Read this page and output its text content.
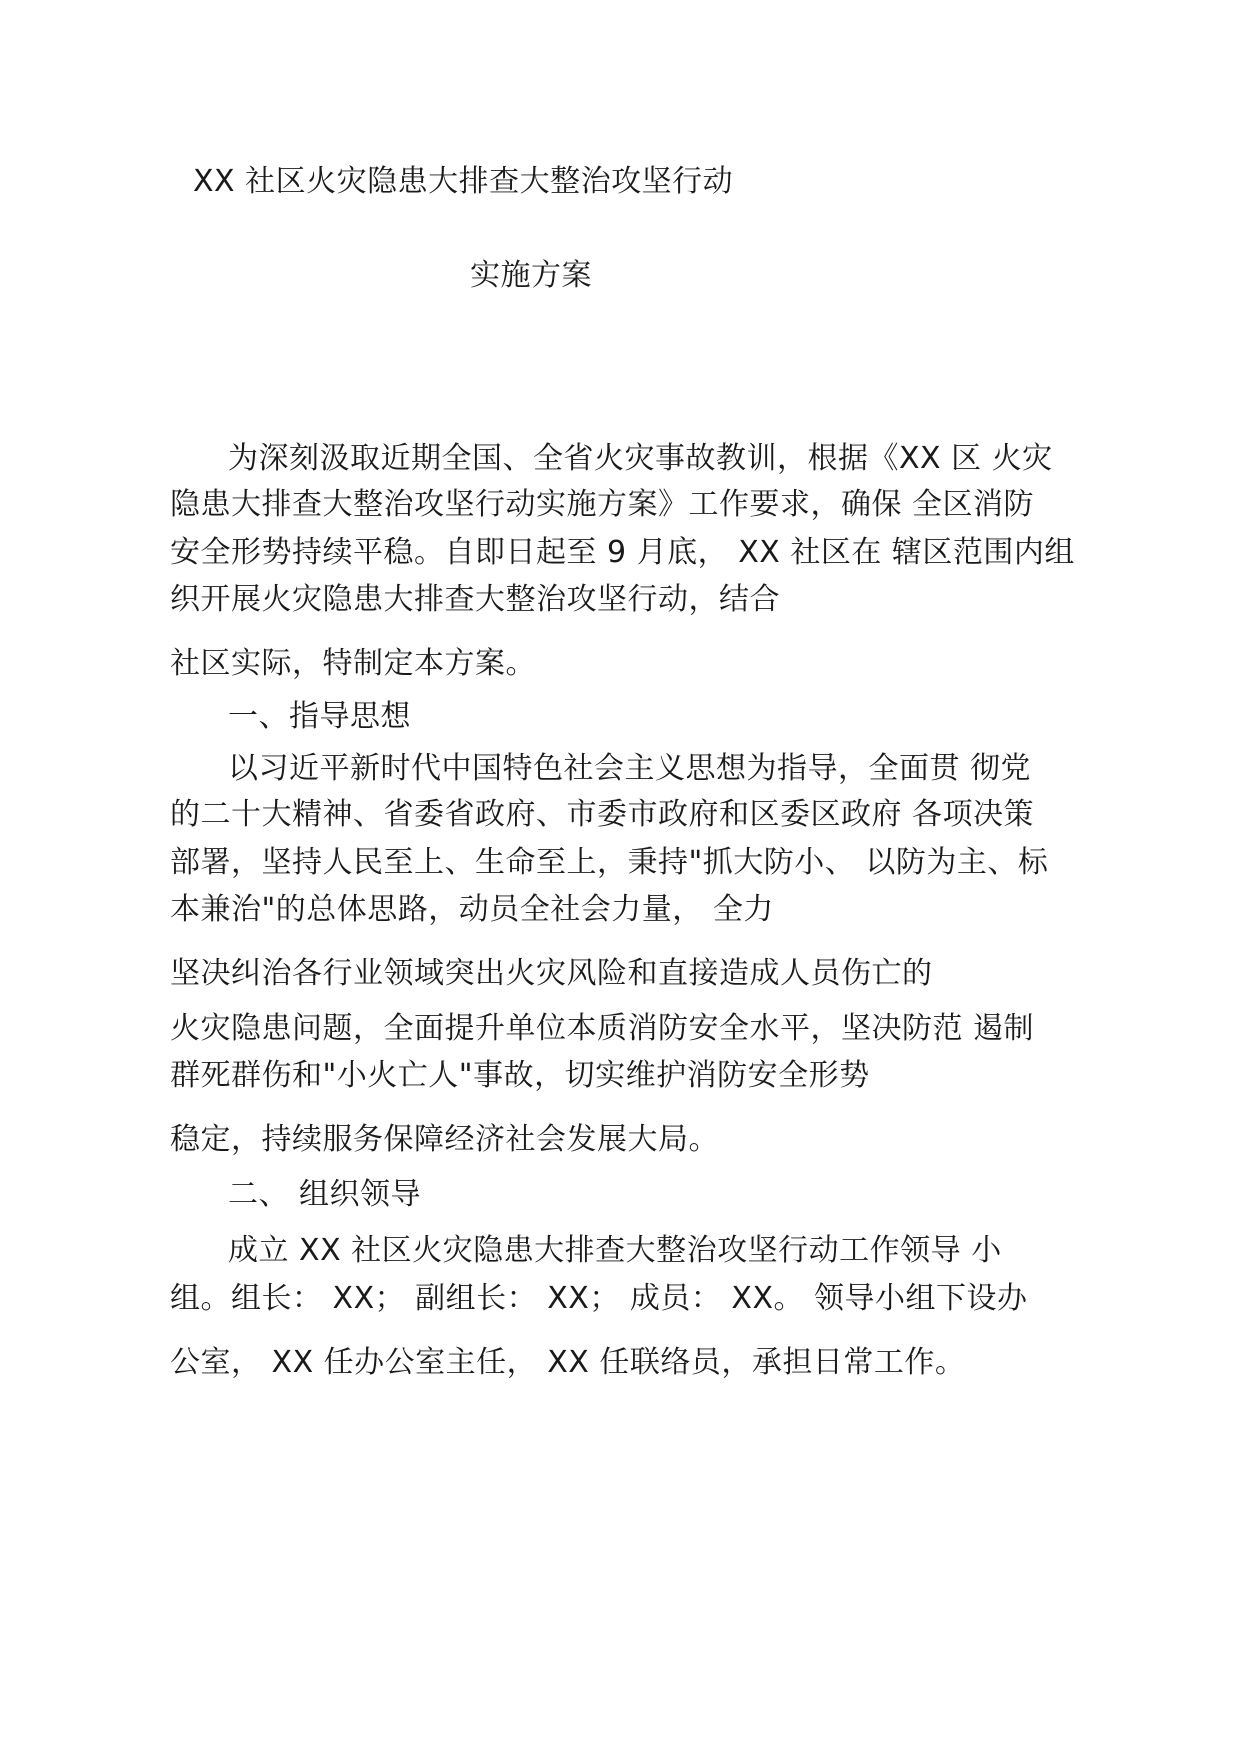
XX 社区火灾隐患大排查大整治攻坚行动
实施方案
为深刻汲取近期全国、全省火灾事故教训，根据《XX 区 火灾
隐患大排查大整治攻坚行动实施方案》工作要求，确保 全区消防
安全形势持续平稳。自即日起至 9 月底， XX 社区在 辖区范围内组
织开展火灾隐患大排查大整治攻坚行动，结合
社区实际，特制定本方案。
一、指导思想
以习近平新时代中国特色社会主义思想为指导，全面贯 彻党
的二十大精神、省委省政府、市委市政府和区委区政府 各项决策
部署，坚持人民至上、生命至上，秉持"抓大防小、 以防为主、标
本兼治"的总体思路，动员全社会力量， 全力
坚决纠治各行业领域突出火灾风险和直接造成人员伤亡的
火灾隐患问题，全面提升单位本质消防安全水平，坚决防范 遏制
群死群伤和"小火亡人"事故，切实维护消防安全形势
稳定，持续服务保障经济社会发展大局。
二、 组织领导
成立 XX 社区火灾隐患大排查大整治攻坚行动工作领导 小
组。组长： XX； 副组长： XX； 成员： XX。 领导小组下设办
公室， XX 任办公室主任， XX 任联络员，承担日常工作。
